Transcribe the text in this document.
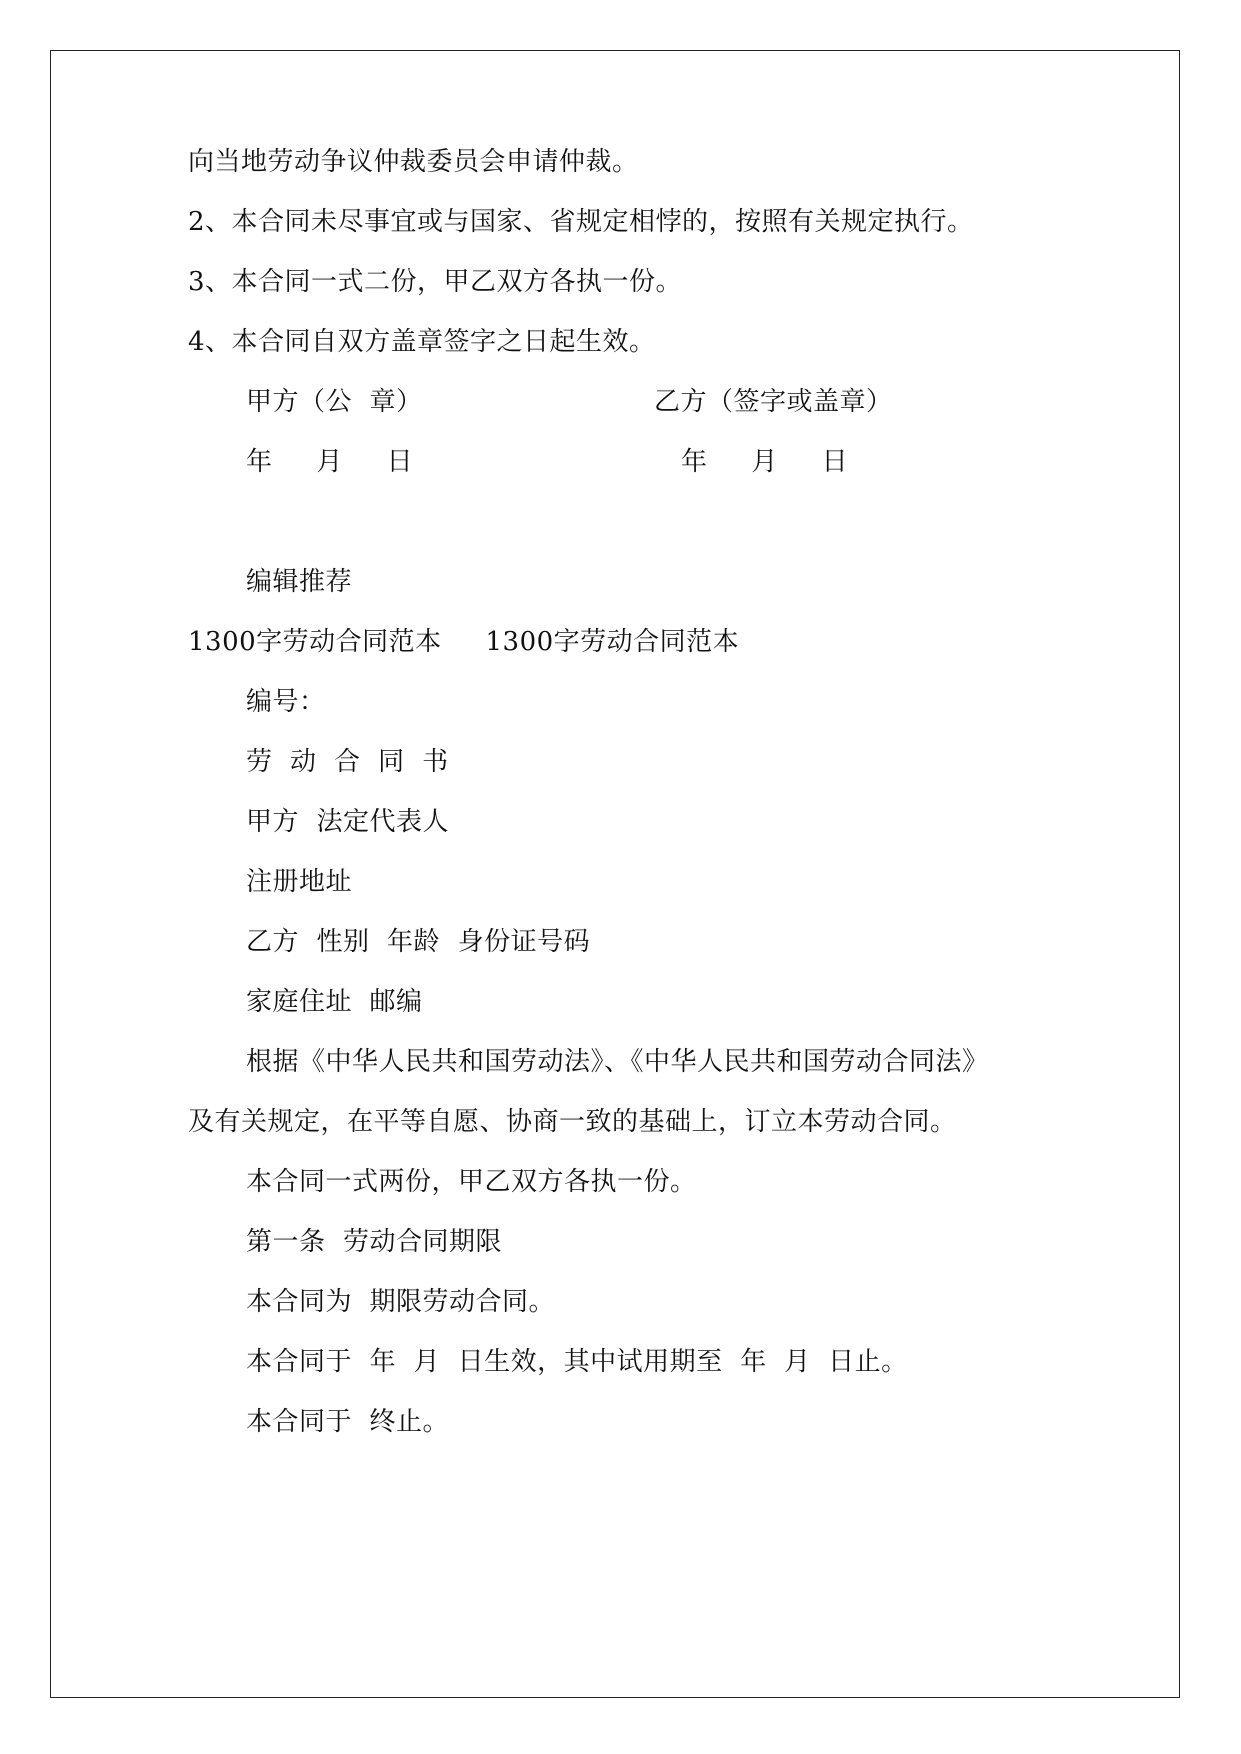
向当地劳动争议仲裁委员会申请仲裁。
2、本合同未尽事宜或与国家、省规定相悖的，按照有关规定执行。
3、本合同一式二份，甲乙双方各执一份。
4、本合同自双方盖章签字之日起生效。
甲方（公  章）	乙方（签字或盖章）
年     月     日	年     月     日
编辑推荐
1300字劳动合同范本     1300字劳动合同范本
编号：
劳  动  合  同  书
甲方  法定代表人
注册地址
乙方  性别  年龄  身份证号码
家庭住址  邮编
根据《中华人民共和国劳动法》、《中华人民共和国劳动合同法》
及有关规定，在平等自愿、协商一致的基础上，订立本劳动合同。
本合同一式两份，甲乙双方各执一份。
第一条  劳动合同期限
本合同为  期限劳动合同。
本合同于  年  月  日生效，其中试用期至  年  月  日止。
本合同于  终止。
